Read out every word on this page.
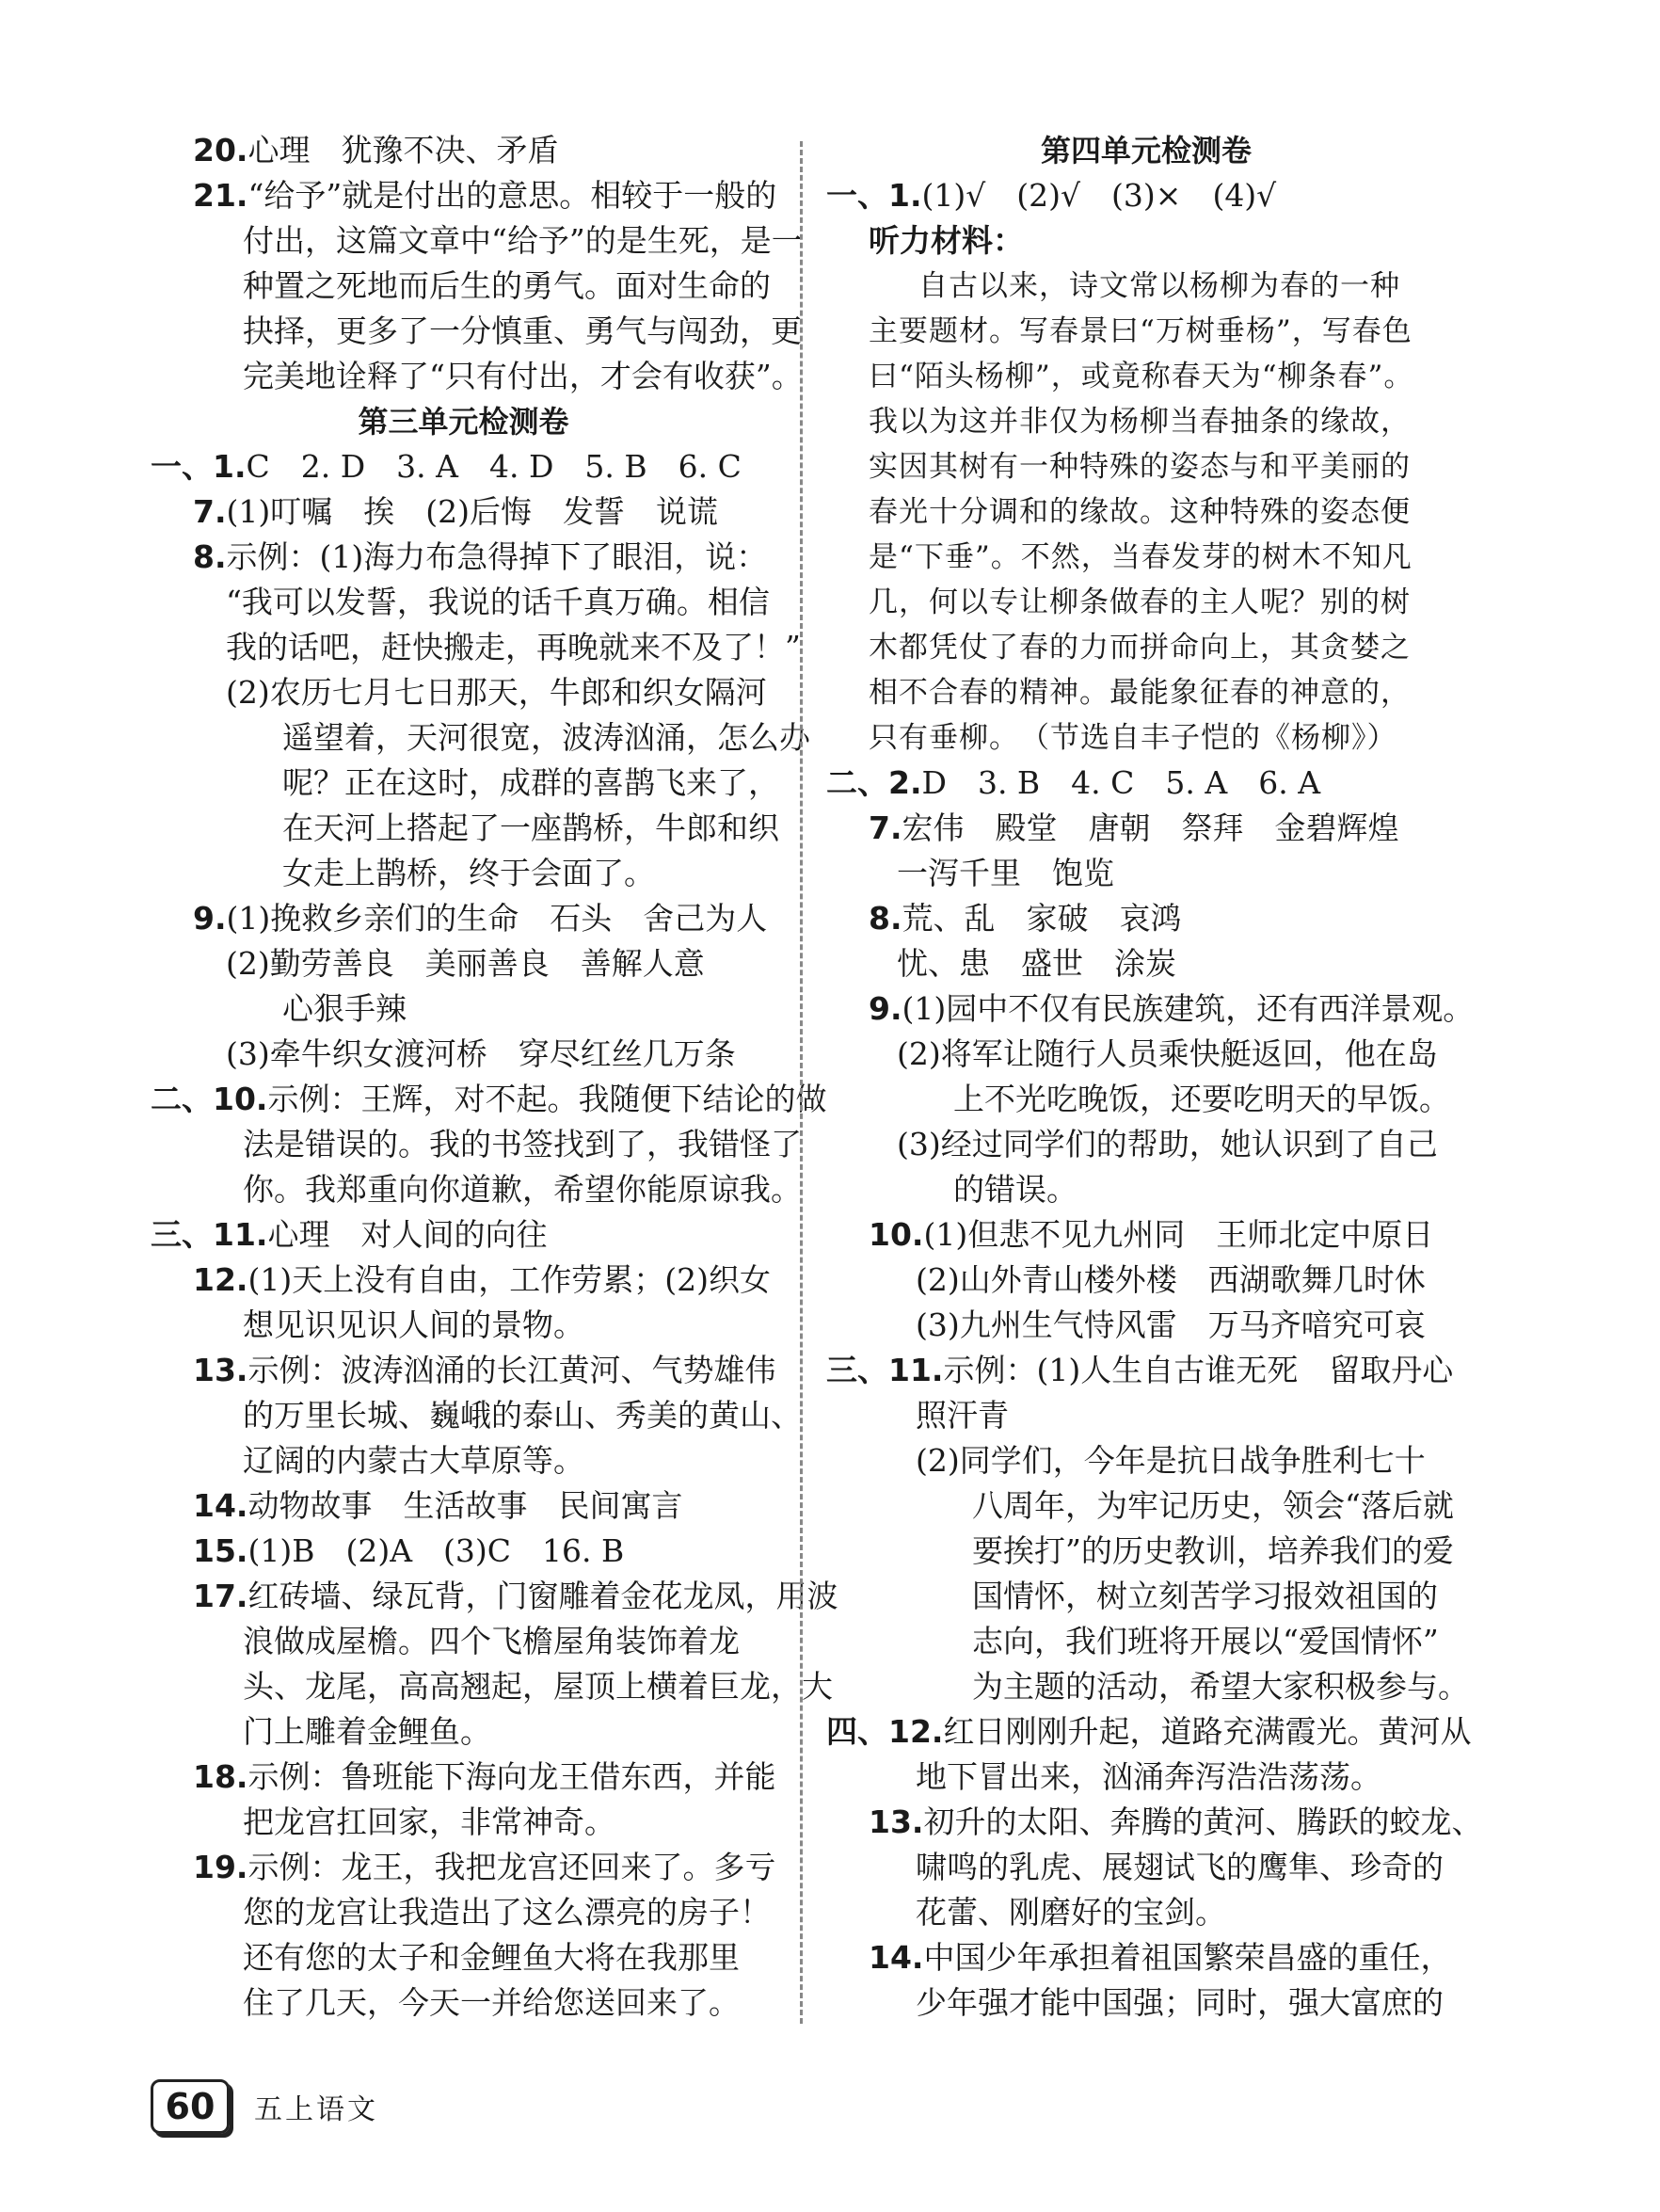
20.心理　犹豫不决、矛盾
21.“给予”就是付出的意思。相较于一般的
付出，这篇文章中“给予”的是生死，是一
种置之死地而后生的勇气。面对生命的
抉择，更多了一分慎重、勇气与闯劲，更
完美地诠释了“只有付出，才会有收获”。
第三单元检测卷
一、1.C　2. D　3. A　4. D　5. B　6. C
7.(1)叮嘱　挨　(2)后悔　发誓　说谎
8.示例：(1)海力布急得掉下了眼泪，说：
“我可以发誓，我说的话千真万确。相信
我的话吧，赶快搬走，再晚就来不及了！”
(2)农历七月七日那天，牛郎和织女隔河
遥望着，天河很宽，波涛汹涌，怎么办
呢？正在这时，成群的喜鹊飞来了，
在天河上搭起了一座鹊桥，牛郎和织
女走上鹊桥，终于会面了。
9.(1)挽救乡亲们的生命　石头　舍己为人
(2)勤劳善良　美丽善良　善解人意
心狠手辣
(3)牵牛织女渡河桥　穿尽红丝几万条
二、10.示例：王辉，对不起。我随便下结论的做
法是错误的。我的书签找到了，我错怪了
你。我郑重向你道歉，希望你能原谅我。
三、11.心理　对人间的向往
12.(1)天上没有自由，工作劳累；(2)织女
想见识见识人间的景物。
13.示例：波涛汹涌的长江黄河、气势雄伟
的万里长城、巍峨的泰山、秀美的黄山、
辽阔的内蒙古大草原等。
14.动物故事　生活故事　民间寓言
15.(1)B　(2)A　(3)C　16. B
17.红砖墙、绿瓦背，门窗雕着金花龙凤，用波
浪做成屋檐。四个飞檐屋角装饰着龙
头、龙尾，高高翘起，屋顶上横着巨龙，大
门上雕着金鲤鱼。
18.示例：鲁班能下海向龙王借东西，并能
把龙宫扛回家，非常神奇。
19.示例：龙王，我把龙宫还回来了。多亏
您的龙宫让我造出了这么漂亮的房子！
还有您的太子和金鲤鱼大将在我那里
住了几天，今天一并给您送回来了。
第四单元检测卷
一、1.(1)√　(2)√　(3)×　(4)√
听力材料：
自古以来，诗文常以杨柳为春的一种
主要题材。写春景曰“万树垂杨”，写春色
曰“陌头杨柳”，或竟称春天为“柳条春”。
我以为这并非仅为杨柳当春抽条的缘故，
实因其树有一种特殊的姿态与和平美丽的
春光十分调和的缘故。这种特殊的姿态便
是“下垂”。不然，当春发芽的树木不知凡
几，何以专让柳条做春的主人呢？别的树
木都凭仗了春的力而拼命向上，其贪婪之
相不合春的精神。最能象征春的神意的，
只有垂柳。　（节选自丰子恺的《杨柳》）
二、2.D　3. B　4. C　5. A　6. A
7.宏伟　殿堂　唐朝　祭拜　金碧辉煌
一泻千里　饱览
8.荒、乱　家破　哀鸿
忧、患　盛世　涂炭
9.(1)园中不仅有民族建筑，还有西洋景观。
(2)将军让随行人员乘快艇返回，他在岛
上不光吃晚饭，还要吃明天的早饭。
(3)经过同学们的帮助，她认识到了自己
的错误。
10.(1)但悲不见九州同　王师北定中原日
(2)山外青山楼外楼　西湖歌舞几时休
(3)九州生气恃风雷　万马齐喑究可哀
三、11.示例：(1)人生自古谁无死　留取丹心
照汗青
(2)同学们，今年是抗日战争胜利七十
八周年，为牢记历史，领会“落后就
要挨打”的历史教训，培养我们的爱
国情怀，树立刻苦学习报效祖国的
志向，我们班将开展以“爱国情怀”
为主题的活动，希望大家积极参与。
四、12.红日刚刚升起，道路充满霞光。黄河从
地下冒出来，汹涌奔泻浩浩荡荡。
13.初升的太阳、奔腾的黄河、腾跃的蛟龙、
啸鸣的乳虎、展翅试飞的鹰隼、珍奇的
花蕾、刚磨好的宝剑。
14.中国少年承担着祖国繁荣昌盛的重任，
少年强才能中国强；同时，强大富庶的
60	五上语文
